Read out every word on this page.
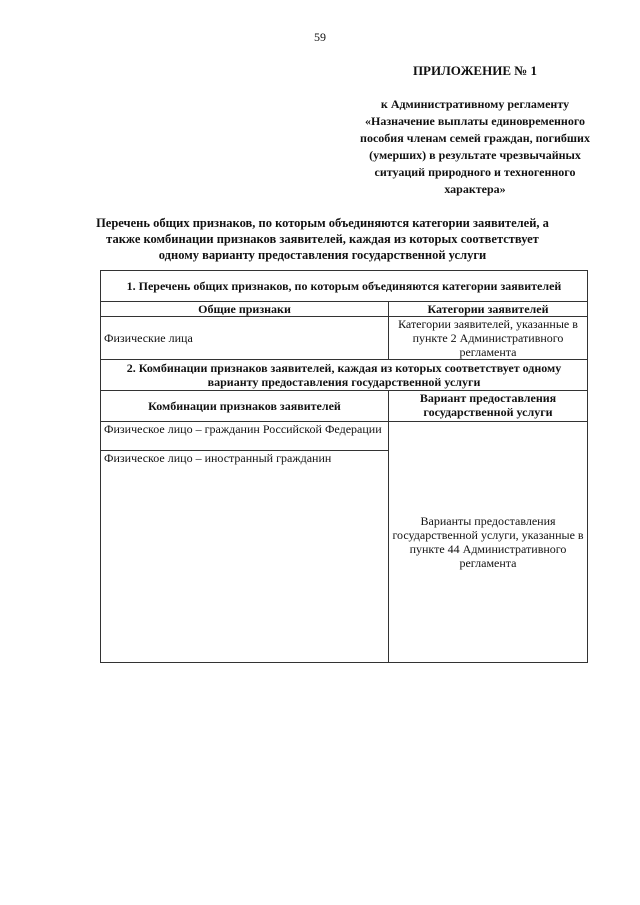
59
ПРИЛОЖЕНИЕ № 1
к Административному регламенту «Назначение выплаты единовременного пособия членам семей граждан, погибших (умерших) в результате чрезвычайных ситуаций природного и техногенного характера»
Перечень общих признаков, по которым объединяются категории заявителей, а также комбинации признаков заявителей, каждая из которых соответствует одному варианту предоставления государственной услуги
1. Перечень общих признаков, по которым объединяются категории заявителей	
Общие признаки	Категории заявителей
Физические лица	Категории заявителей, указанные в пункте 2 Административного регламента
2. Комбинации признаков заявителей, каждая из которых соответствует одному варианту предоставления государственной услуги	
Комбинации признаков заявителей	Вариант предоставления государственной услуги
Физическое лицо – гражданин Российской Федерации	Варианты предоставления государственной услуги, указанные в пункте 44 Административного регламента
Физическое лицо – иностранный гражданин	
